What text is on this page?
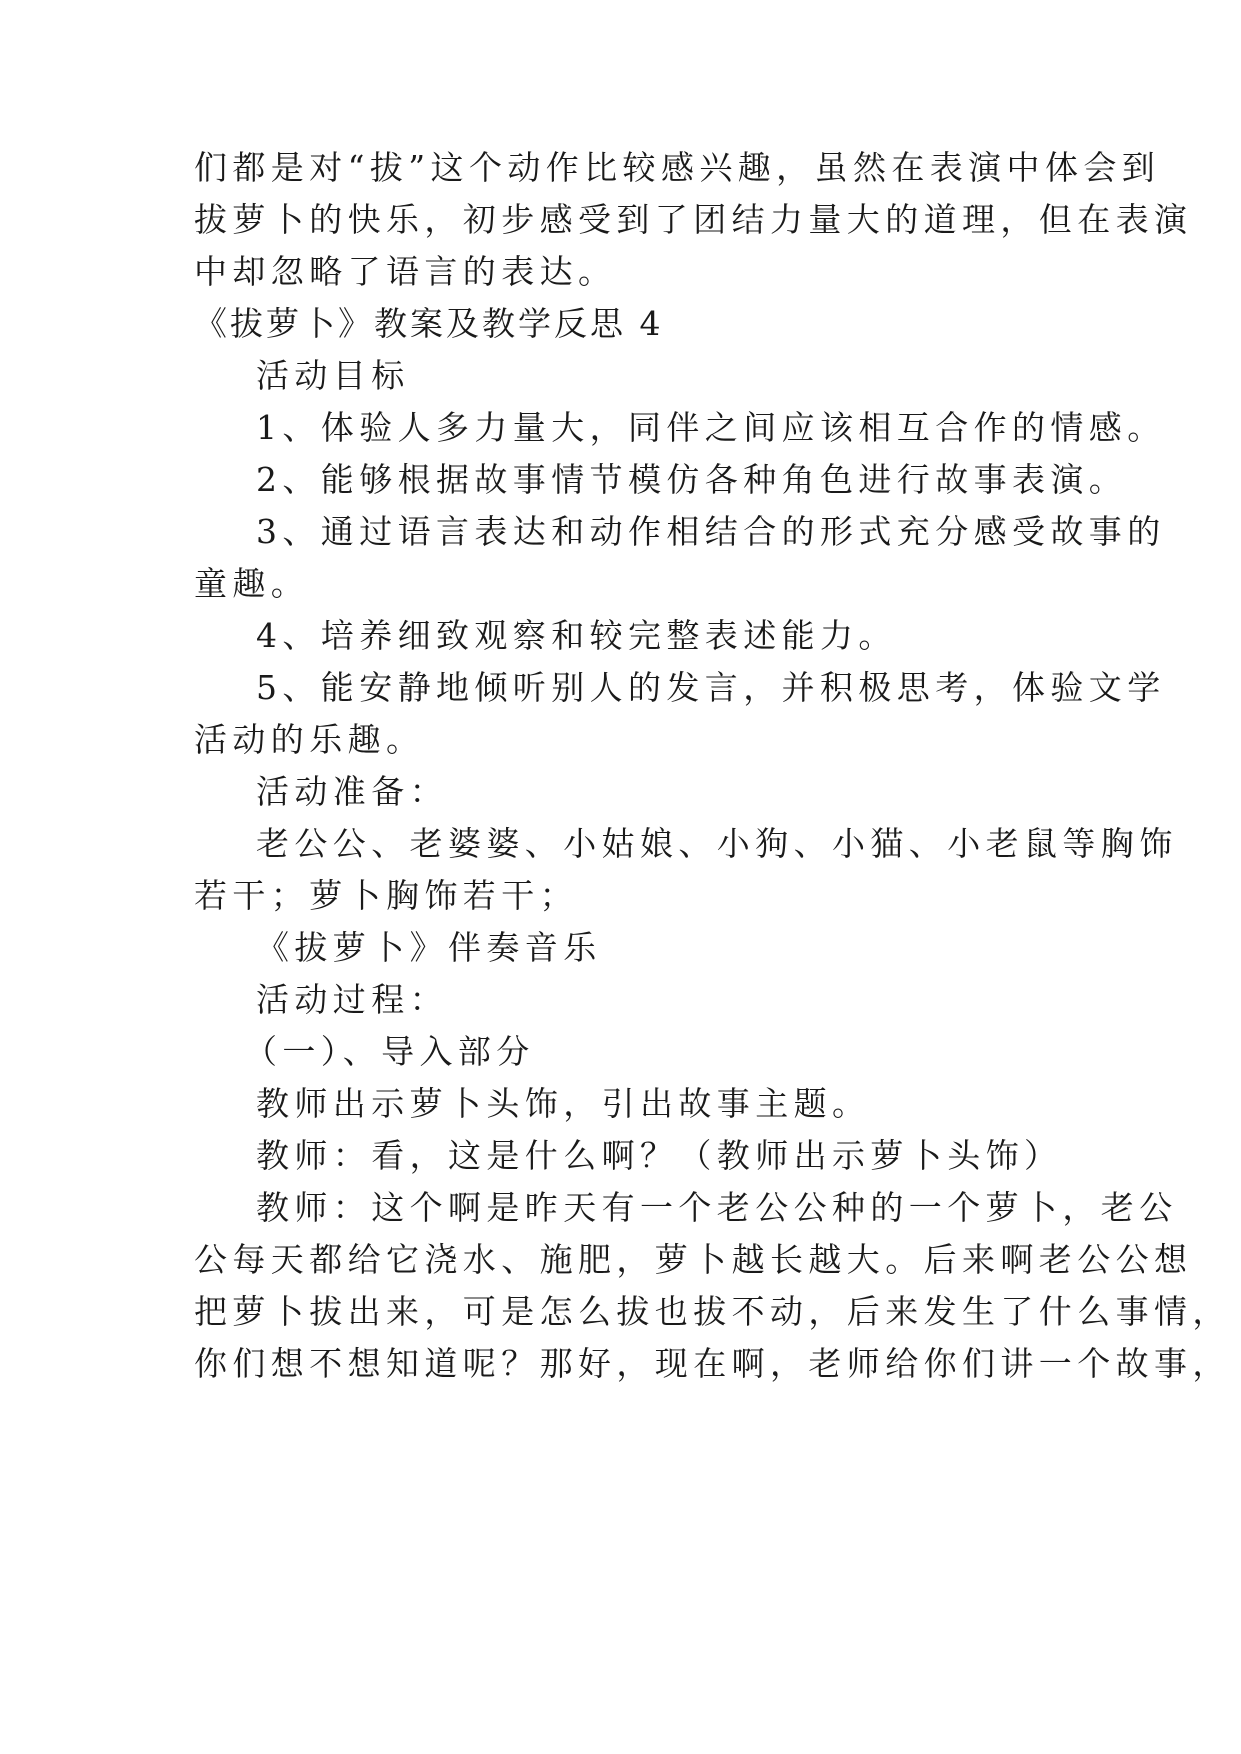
们都是对“拔”这个动作比较感兴趣，虽然在表演中体会到
拔萝卜的快乐，初步感受到了团结力量大的道理，但在表演
中却忽略了语言的表达。
《拔萝卜》教案及教学反思 4
活动目标
1、体验人多力量大，同伴之间应该相互合作的情感。
2、能够根据故事情节模仿各种角色进行故事表演。
3、通过语言表达和动作相结合的形式充分感受故事的
童趣。
4、培养细致观察和较完整表述能力。
5、能安静地倾听别人的发言，并积极思考，体验文学
活动的乐趣。
活动准备：
老公公、老婆婆、小姑娘、小狗、小猫、小老鼠等胸饰
若干；萝卜胸饰若干；
《拔萝卜》伴奏音乐
活动过程：
（一）、导入部分
教师出示萝卜头饰，引出故事主题。
教师：看，这是什么啊？（教师出示萝卜头饰）
教师：这个啊是昨天有一个老公公种的一个萝卜，老公
公每天都给它浇水、施肥，萝卜越长越大。后来啊老公公想
把萝卜拔出来，可是怎么拔也拔不动，后来发生了什么事情，
你们想不想知道呢？那好，现在啊，老师给你们讲一个故事，
